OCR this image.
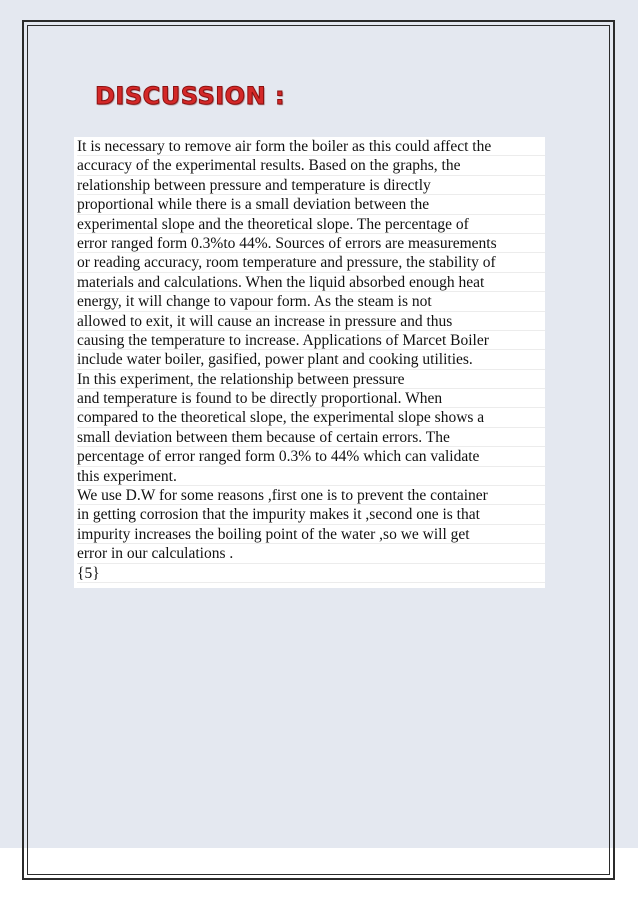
DISCUSSION :
It is necessary to remove air form the boiler as this could affect the
accuracy of the experimental results. Based on the graphs, the
relationship between pressure and temperature is directly
proportional while there is a small deviation between the
experimental slope and the theoretical slope. The percentage of
error ranged form 0.3%to 44%. Sources of errors are measurements
or reading accuracy, room temperature and pressure, the stability of
materials and calculations. When the liquid absorbed enough heat
energy, it will change to vapour form. As the steam is not
allowed to exit, it will cause an increase in pressure and thus
causing the temperature to increase. Applications of Marcet Boiler
include water boiler, gasified, power plant and cooking utilities.
In this experiment, the relationship between pressure
and temperature is found to be directly proportional. When
compared to the theoretical slope, the experimental slope shows a
small deviation between them because of certain errors. The
percentage of error ranged form 0.3% to 44% which can validate
this experiment.
We use D.W for some reasons ,first one is to prevent the container
in getting corrosion that the impurity makes it ,second one is that
impurity increases the boiling point of the water ,so we will get
error in our calculations .
{5}
